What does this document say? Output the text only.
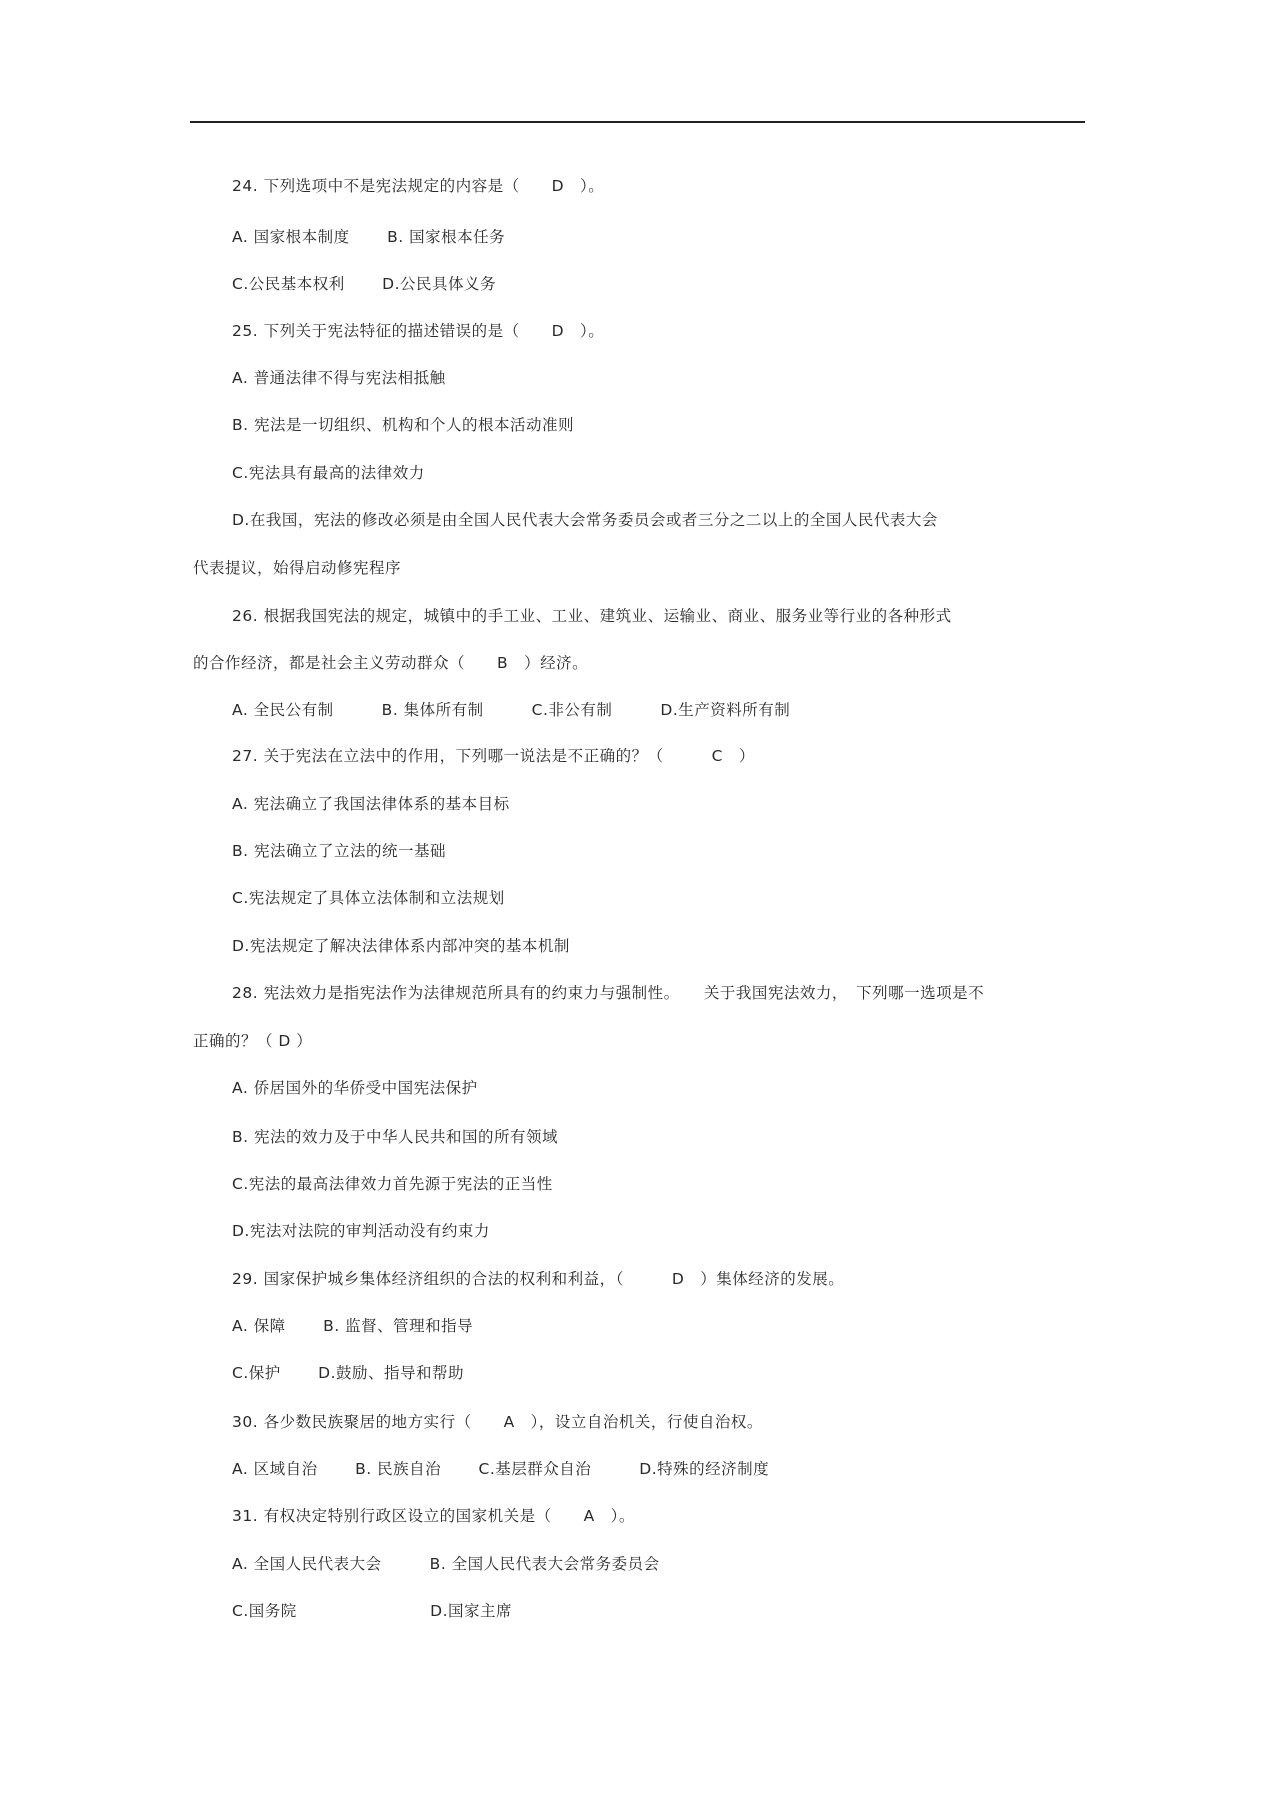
24. 下列选项中不是宪法规定的内容是（　　D　）。
A. 国家根本制度　　 B. 国家根本任务
C.公民基本权利　　 D.公民具体义务
25. 下列关于宪法特征的描述错误的是（　　D　）。
A. 普通法律不得与宪法相抵触
B. 宪法是一切组织、机构和个人的根本活动准则
C.宪法具有最高的法律效力
D.在我国，宪法的修改必须是由全国人民代表大会常务委员会或者三分之二以上的全国人民代表大会
代表提议，始得启动修宪程序
26. 根据我国宪法的规定，城镇中的手工业、工业、建筑业、运输业、商业、服务业等行业的各种形式
的合作经济，都是社会主义劳动群众（　　B　）经济。
A. 全民公有制　　　B. 集体所有制　　　C.非公有制　　　D.生产资料所有制
27. 关于宪法在立法中的作用，下列哪一说法是不正确的？（　　　C　）
A. 宪法确立了我国法律体系的基本目标
B. 宪法确立了立法的统一基础
C.宪法规定了具体立法体制和立法规划
D.宪法规定了解决法律体系内部冲突的基本机制
28. 宪法效力是指宪法作为法律规范所具有的约束力与强制性。　　关于我国宪法效力，　下列哪一选项是不
正确的？（ D ）
A. 侨居国外的华侨受中国宪法保护
B. 宪法的效力及于中华人民共和国的所有领域
C.宪法的最高法律效力首先源于宪法的正当性
D.宪法对法院的审判活动没有约束力
29. 国家保护城乡集体经济组织的合法的权利和利益，（　　　D　）集体经济的发展。
A. 保障　　 B. 监督、管理和指导
C.保护　　 D.鼓励、指导和帮助
30. 各少数民族聚居的地方实行（　　A　），设立自治机关，行使自治权。
A. 区域自治　　 B. 民族自治　　 C.基层群众自治　　　D.特殊的经济制度
31. 有权决定特别行政区设立的国家机关是（　　A　）。
A. 全国人民代表大会　　　B. 全国人民代表大会常务委员会
C.国务院　　　　　　　　 D.国家主席
